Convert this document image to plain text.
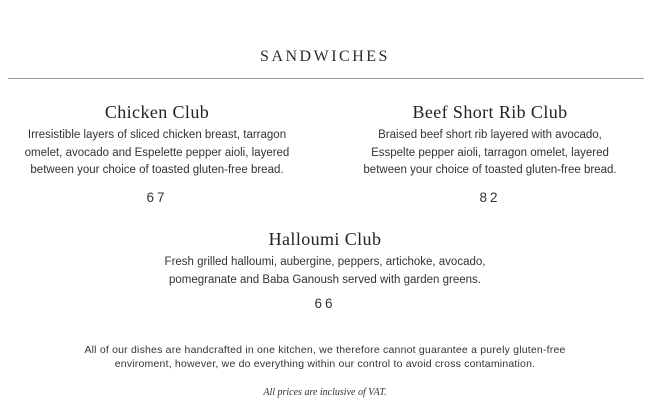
SANDWICHES
Chicken Club
Irresistible layers of sliced chicken breast, tarragon
omelet, avocado and Espelette pepper aioli, layered
between your choice of toasted gluten-free bread.
67
Beef Short Rib Club
Braised beef short rib layered with avocado,
Esspelte pepper aioli, tarragon omelet, layered
between your choice of toasted gluten-free bread.
82
Halloumi Club
Fresh grilled halloumi, aubergine, peppers, artichoke, avocado,
pomegranate and Baba Ganoush served with garden greens.
66
All of our dishes are handcrafted in one kitchen, we therefore cannot guarantee a purely gluten-free
enviroment, however, we do everything within our control to avoid cross contamination.
All prices are inclusive of VAT.
